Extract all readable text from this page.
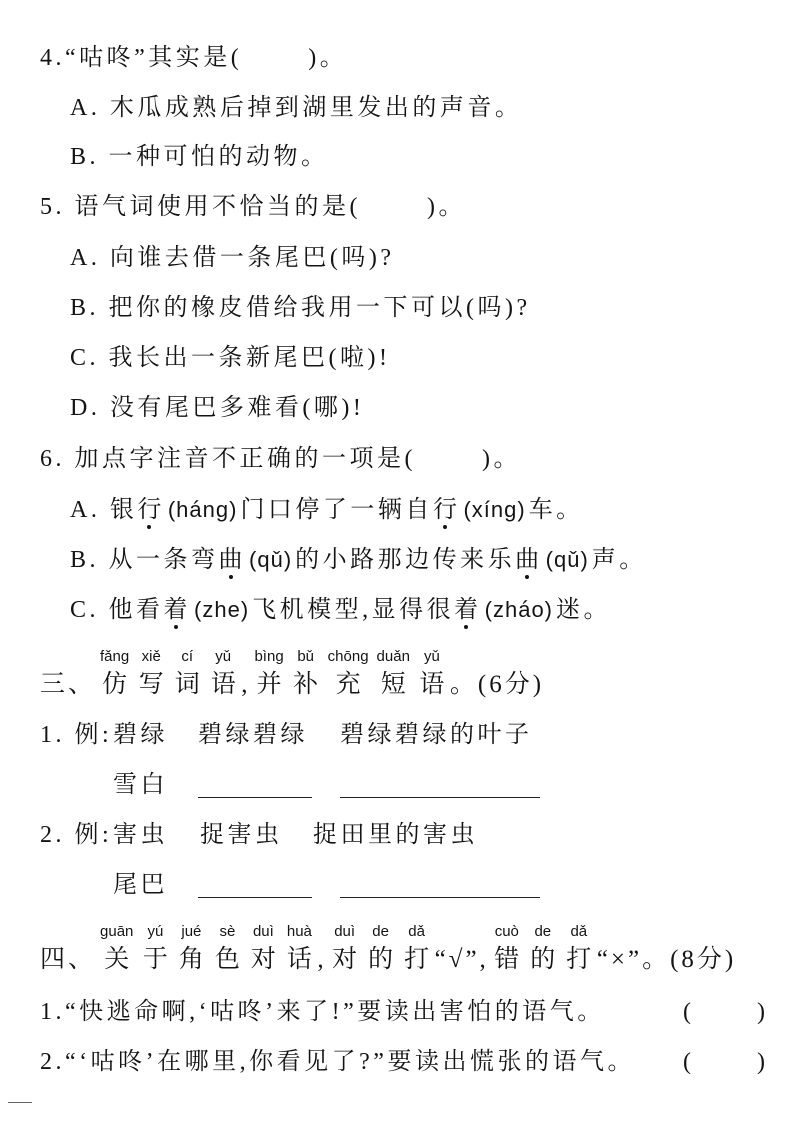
4.“咕咚”其实是(	)。
A. 木瓜成熟后掉到湖里发出的声音。
B. 一种可怕的动物。
5. 语气词使用不恰当的是(	)。
A. 向谁去借一条尾巴(吗)?
B. 把你的橡皮借给我用一下可以(吗)?
C. 我长出一条新尾巴(啦)!
D. 没有尾巴多难看(哪)!
6. 加点字注音不正确的一项是(	)。
A. 银行 (háng) 门口停了一辆自行 (xíng) 车。
B. 从一条弯曲 (qǔ) 的小路那边传来乐曲 (qǔ) 声。
C. 他看着 (zhe) 飞机模型,显得很着 (zháo) 迷。
三、
fǎng
仿
xiě
写
cí
词
yǔ
语 ,
bìng
并
bǔ
补
chōng
充
duǎn
短
yǔ
语 。(6分)
1. 例: 碧绿 碧绿碧绿 碧绿碧绿的叶子
雪白
2. 例: 害虫 捉害虫 捉田里的害虫
尾巴
四、
guān
关
yú
于
jué
角
sè
色
duì
对
huà
话 ,
duì
对
de
的
dǎ
打 “√”,
cuò
错
de
的
dǎ
打 “×”。(8分)
1.“快逃命啊,‘咕咚’来了!”要读出害怕的语气。	(	)
2.“‘咕咚’在哪里,你看见了?”要读出慌张的语气。 (	)
